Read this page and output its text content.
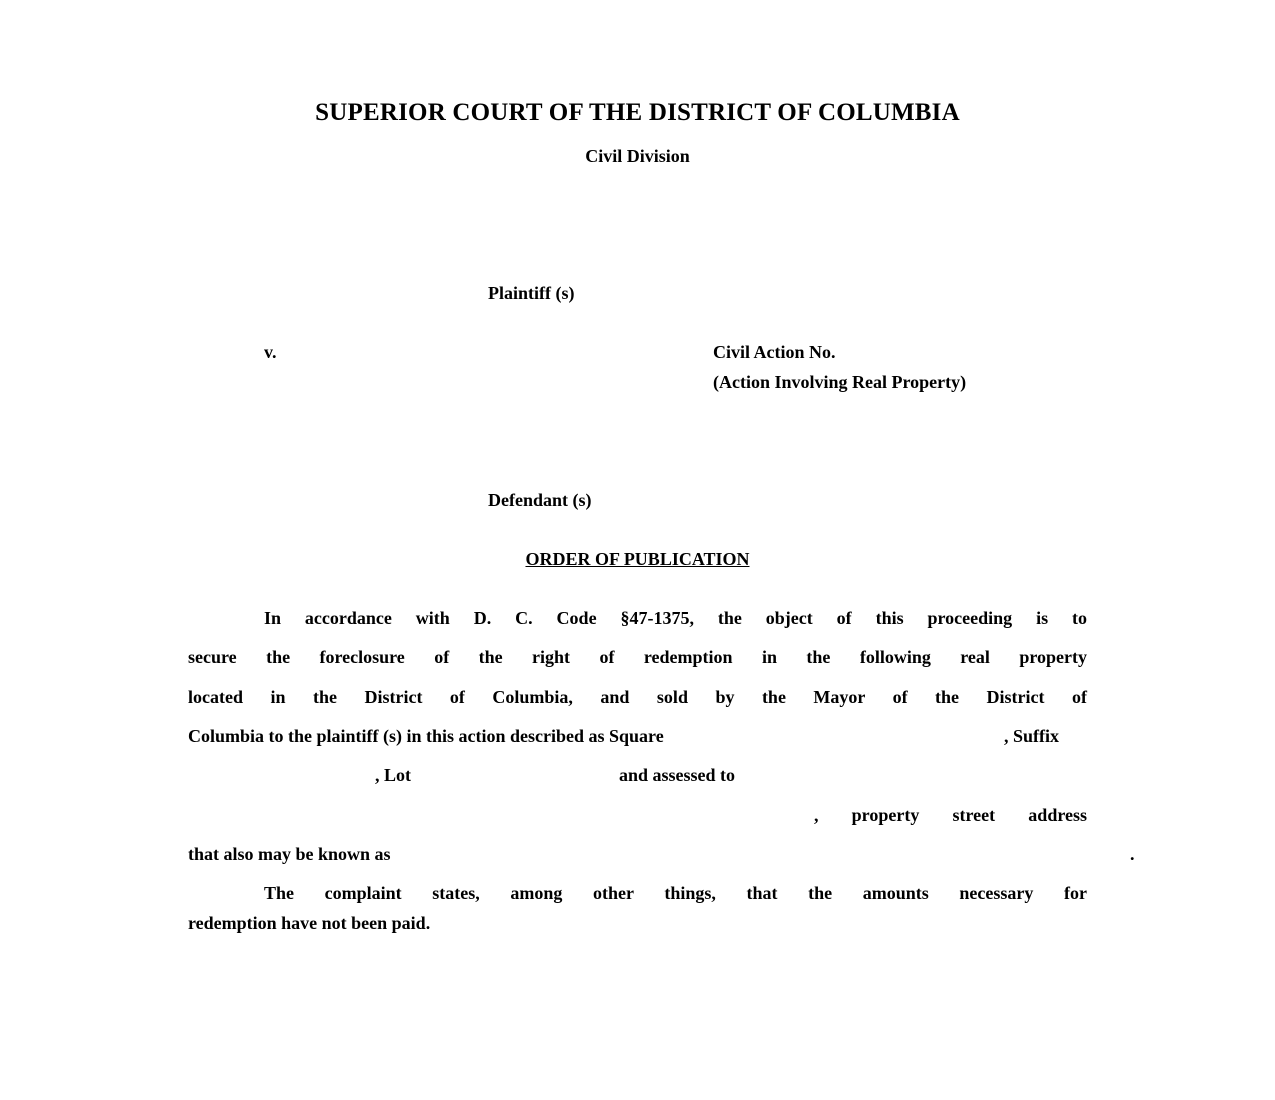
SUPERIOR COURT OF THE DISTRICT OF COLUMBIA
Civil Division
Plaintiff (s)
v.	Civil Action No.
(Action Involving Real Property)
Defendant (s)
ORDER OF PUBLICATION
In accordance with D. C. Code §47-1375, the object of this proceeding is to
secure the foreclosure of the right of redemption in the following real property
located in the District of Columbia, and sold by the Mayor of the District of
Columbia to the plaintiff (s) in this action described as Square	, Suffix
, Lot	and assessed to
, property street address
that also may be known as	.
The complaint states, among other things, that the amounts necessary for
redemption have not been paid.
